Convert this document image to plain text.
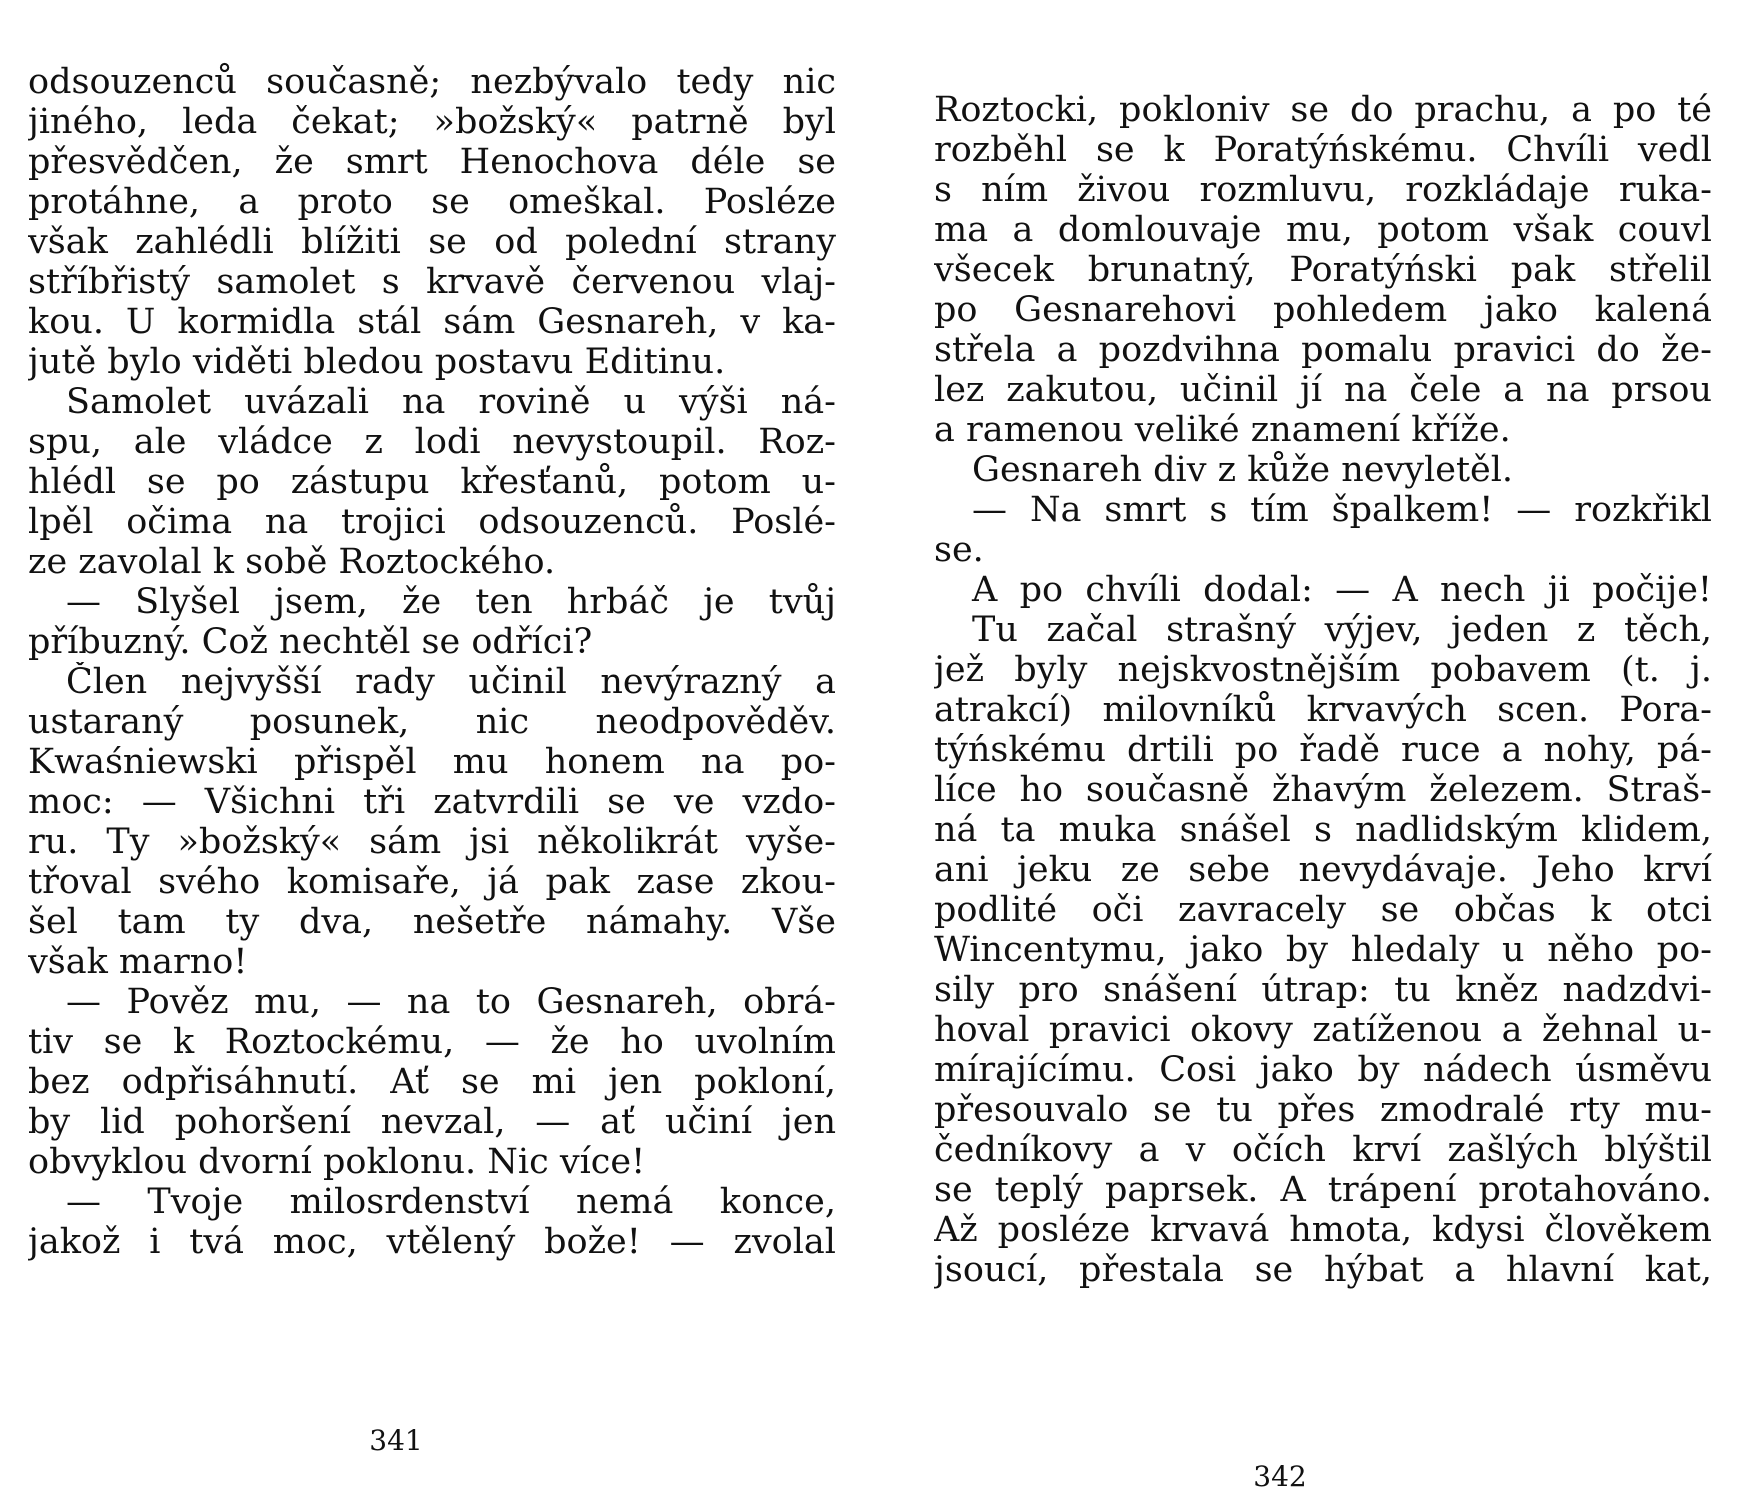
odsouzenců současně; nezbývalo tedy nic
jiného, leda čekat; »božský« patrně byl
přesvědčen, že smrt Henochova déle se
protáhne, a proto se omeškal. Posléze
však zahlédli blížiti se od polední strany
stříbřistý samolet s krvavě červenou vlaj-
kou. U kormidla stál sám Gesnareh, v ka-
jutě bylo viděti bledou postavu Editinu.
Samolet uvázali na rovině u výši ná-
spu, ale vládce z lodi nevystoupil. Roz-
hlédl se po zástupu křesťanů, potom u-
lpěl očima na trojici odsouzenců. Poslé-
ze zavolal k sobě Roztockého.
— Slyšel jsem, že ten hrbáč je tvůj
příbuzný. Což nechtěl se odříci?
Člen nejvyšší rady učinil nevýrazný a
ustaraný posunek, nic neodpověděv.
Kwaśniewski přispěl mu honem na po-
moc: — Všichni tři zatvrdili se ve vzdo-
ru. Ty »božský« sám jsi několikrát vyše-
třoval svého komisaře, já pak zase zkou-
šel tam ty dva, nešetře námahy. Vše
však marno!
— Pověz mu, — na to Gesnareh, obrá-
tiv se k Roztockému, — že ho uvolním
bez odpřisáhnutí. Ať se mi jen pokloní,
by lid pohoršení nevzal, — ať učiní jen
obvyklou dvorní poklonu. Nic více!
— Tvoje milosrdenství nemá konce,
jakož i tvá moc, vtělený bože! — zvolal
341
Roztocki, pokloniv se do prachu, a po té
rozběhl se k Poratýńskému. Chvíli vedl
s ním živou rozmluvu, rozkládaje ruka-
ma a domlouvaje mu, potom však couvl
všecek brunatný, Poratýński pak střelil
po Gesnarehovi pohledem jako kalená
střela a pozdvihna pomalu pravici do že-
lez zakutou, učinil jí na čele a na prsou
a ramenou veliké znamení kříže.
Gesnareh div z kůže nevyletěl.
— Na smrt s tím špalkem! — rozkřikl
se.
A po chvíli dodal: — A nech ji počije!
Tu začal strašný výjev, jeden z těch,
jež byly nejskvostnějším pobavem (t. j.
atrakcí) milovníků krvavých scen. Pora-
týńskému drtili po řadě ruce a nohy, pá-
líce ho současně žhavým železem. Straš-
ná ta muka snášel s nadlidským klidem,
ani jeku ze sebe nevydávaje. Jeho krví
podlité oči zavracely se občas k otci
Wincentymu, jako by hledaly u něho po-
sily pro snášení útrap: tu kněz nadzdvi-
hoval pravici okovy zatíženou a žehnal u-
mírajícímu. Cosi jako by nádech úsměvu
přesouvalo se tu přes zmodralé rty mu-
čedníkovy a v očích krví zašlých blýštil
se teplý paprsek. A trápení protahováno.
Až posléze krvavá hmota, kdysi člověkem
jsoucí, přestala se hýbat a hlavní kat,
342
